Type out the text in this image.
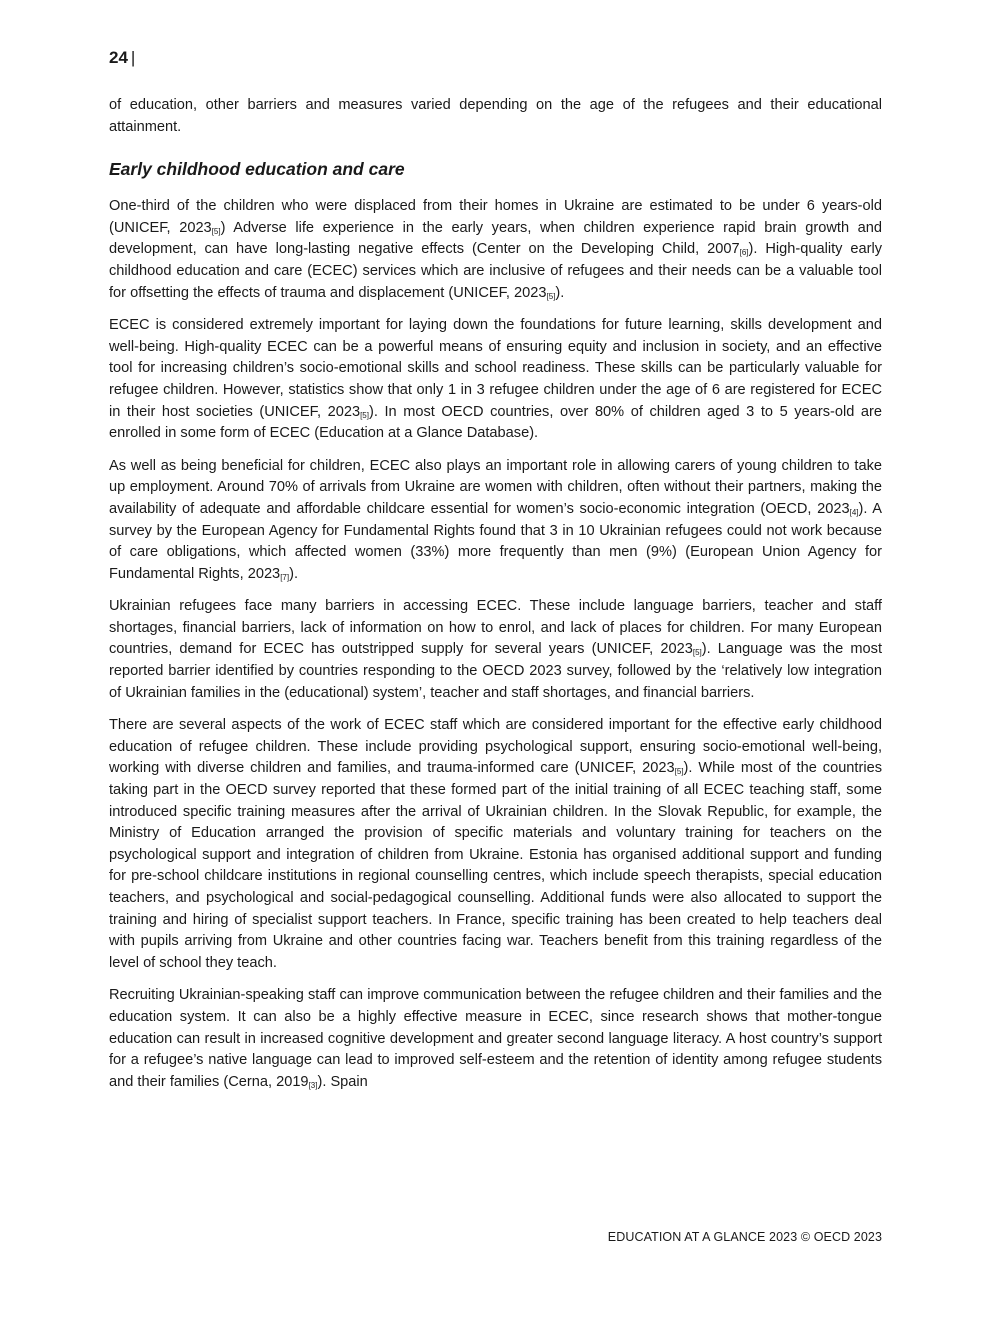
24 |

of education, other barriers and measures varied depending on the age of the refugees and their educational attainment.

Early childhood education and care

One-third of the children who were displaced from their homes in Ukraine are estimated to be under 6 years-old (UNICEF, $2023_{[5]}$) Adverse life experience in the early years, when children experience rapid brain growth and development, can have long-lasting negative effects (Center on the Developing Child, $2007_{[6]}$). High-quality early childhood education and care (ECEC) services which are inclusive of refugees and their needs can be a valuable tool for offsetting the effects of trauma and displacement (UNICEF, $2023_{[5]}$).

ECEC is considered extremely important for laying down the foundations for future learning, skills development and well-being. High-quality ECEC can be a powerful means of ensuring equity and inclusion in society, and an effective tool for increasing children’s socio-emotional skills and school readiness. These skills can be particularly valuable for refugee children. However, statistics show that only 1 in 3 refugee children under the age of 6 are registered for ECEC in their host societies (UNICEF, $2023_{[5]}$). In most OECD countries, over 80% of children aged 3 to 5 years-old are enrolled in some form of ECEC (Education at a Glance Database).

As well as being beneficial for children, ECEC also plays an important role in allowing carers of young children to take up employment. Around 70% of arrivals from Ukraine are women with children, often without their partners, making the availability of adequate and affordable childcare essential for women’s socio-economic integration (OECD, $2023_{[4]}$). A survey by the European Agency for Fundamental Rights found that 3 in 10 Ukrainian refugees could not work because of care obligations, which affected women (33%) more frequently than men (9%) (European Union Agency for Fundamental Rights, $2023_{[7]}$).

Ukrainian refugees face many barriers in accessing ECEC. These include language barriers, teacher and staff shortages, financial barriers, lack of information on how to enrol, and lack of places for children. For many European countries, demand for ECEC has outstripped supply for several years (UNICEF, $2023_{[5]}$). Language was the most reported barrier identified by countries responding to the OECD 2023 survey, followed by the ‘relatively low integration of Ukrainian families in the (educational) system’, teacher and staff shortages, and financial barriers.

There are several aspects of the work of ECEC staff which are considered important for the effective early childhood education of refugee children. These include providing psychological support, ensuring socio-emotional well-being, working with diverse children and families, and trauma-informed care (UNICEF, $2023_{[5]}$). While most of the countries taking part in the OECD survey reported that these formed part of the initial training of all ECEC teaching staff, some introduced specific training measures after the arrival of Ukrainian children. In the Slovak Republic, for example, the Ministry of Education arranged the provision of specific materials and voluntary training for teachers on the psychological support and integration of children from Ukraine. Estonia has organised additional support and funding for pre-school childcare institutions in regional counselling centres, which include speech therapists, special education teachers, and psychological and social-pedagogical counselling. Additional funds were also allocated to support the training and hiring of specialist support teachers. In France, specific training has been created to help teachers deal with pupils arriving from Ukraine and other countries facing war. Teachers benefit from this training regardless of the level of school they teach.

Recruiting Ukrainian-speaking staff can improve communication between the refugee children and their families and the education system. It can also be a highly effective measure in ECEC, since research shows that mother-tongue education can result in increased cognitive development and greater second language literacy. A host country’s support for a refugee’s native language can lead to improved self-esteem and the retention of identity among refugee students and their families (Cerna, $2019_{[3]}$). Spain

EDUCATION AT A GLANCE 2023 © OECD 2023
